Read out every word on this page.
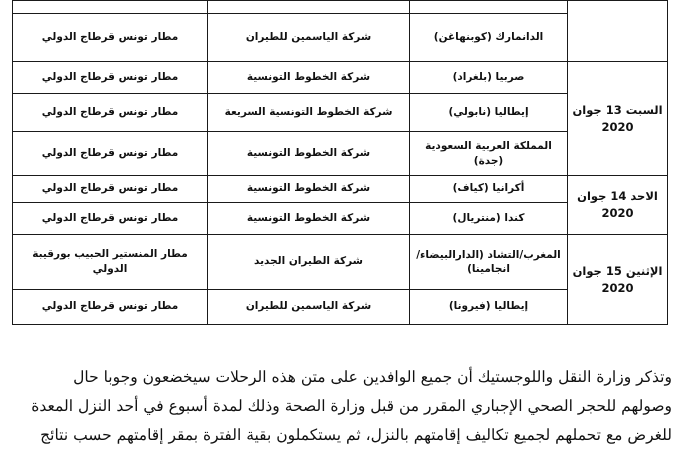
	الدانمارك (كوبنهاغن)	شركة الياسمين للطيران	مطار تونس قرطاج الدولي
السبت 13 جوان 2020	صربيا (بلغراد)	شركة الخطوط التونسية	مطار تونس قرطاج الدولي
	إيطاليا (نابولي)	شركة الخطوط التونسية السريعة	مطار تونس قرطاج الدولي
	المملكة العربية السعودية (جدة)	شركة الخطوط التونسية	مطار تونس قرطاج الدولي
الاحد 14 جوان 2020	أكرانيا (كياف)	شركة الخطوط التونسية	مطار تونس قرطاج الدولي
	كندا (منتريال)	شركة الخطوط التونسية	مطار تونس قرطاج الدولي
الإثنين 15 جوان 2020	المغرب/التشاد (الدارالبيضاء/انجامينا)	شركة الطيران الجديد	مطار المنستير الحبيب بورقيبة الدولي
	إيطاليا (فيرونا)	شركة الياسمين للطيران	مطار تونس قرطاج الدولي

وتذكر وزارة النقل واللوجستيك أن جميع الوافدين على متن هذه الرحلات سيخضعون وجوبا حال

وصولهم للحجر الصحي الإجباري المقرر من قبل وزارة الصحة وذلك لمدة أسبوع في أحد النزل المعدة

للغرض مع تحملهم لجميع تكاليف إقامتهم بالنزل، ثم يستكملون بقية الفترة بمقر إقامتهم حسب نتائج
